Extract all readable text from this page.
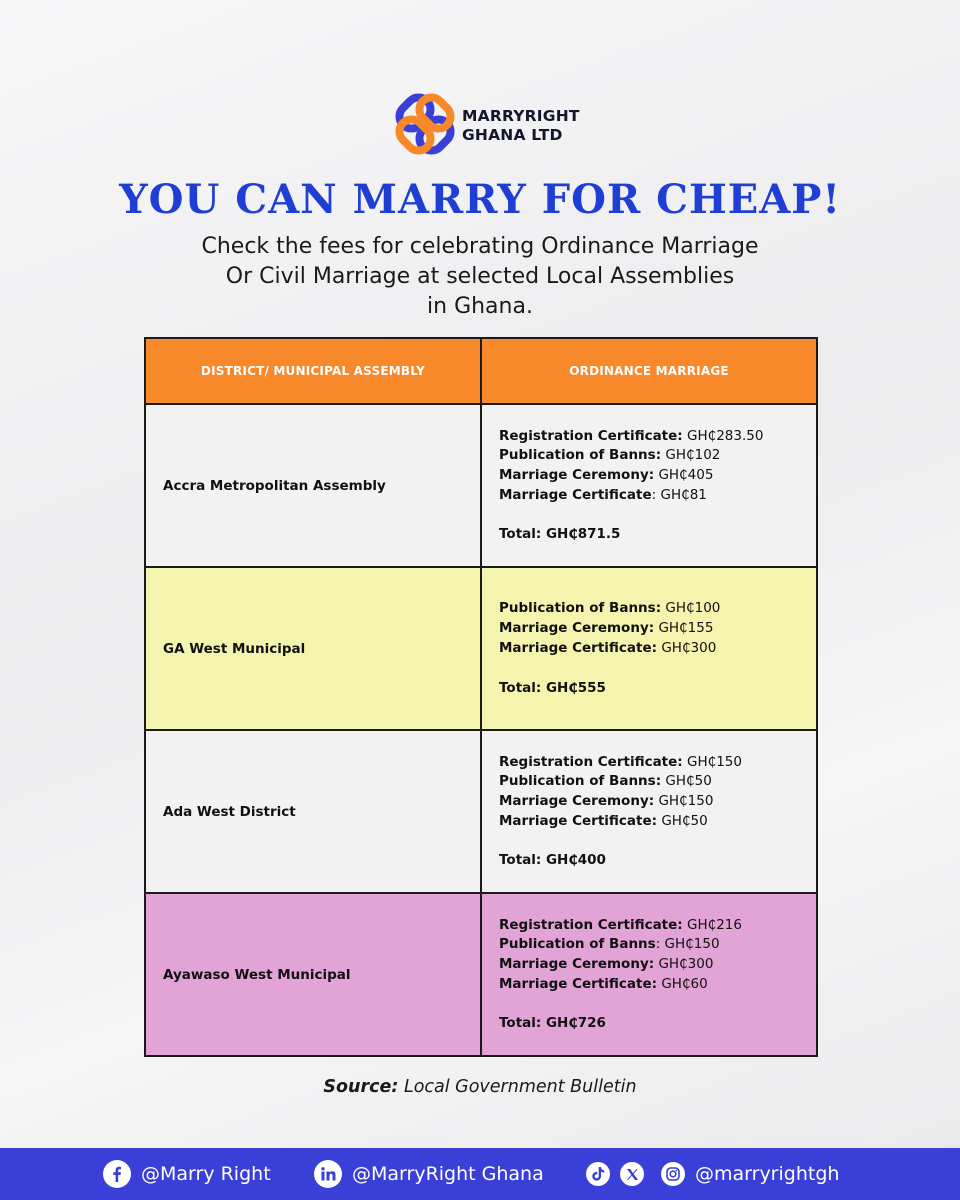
MARRYRIGHT
GHANA LTD
YOU CAN MARRY FOR CHEAP!
Check the fees for celebrating Ordinance Marriage
Or Civil Marriage at selected Local Assemblies
in Ghana.
DISTRICT/ MUNICIPAL ASSEMBLY	ORDINANCE MARRIAGE
Accra Metropolitan Assembly	Registration Certificate: GH₵283.50
Publication of Banns: GH₵102
Marriage Ceremony: GH₵405
Marriage Certificate: GH₵81
Total: GH₵871.5

GA West Municipal	Publication of Banns: GH₵100
Marriage Ceremony: GH₵155
Marriage Certificate: GH₵300
Total: GH₵555

Ada West District	Registration Certificate: GH₵150
Publication of Banns: GH₵50
Marriage Ceremony: GH₵150
Marriage Certificate: GH₵50
Total: GH₵400

Ayawaso West Municipal	Registration Certificate: GH₵216
Publication of Banns: GH₵150
Marriage Ceremony: GH₵300
Marriage Certificate: GH₵60
Total: GH₵726
Source: Local Government Bulletin
@Marry Right	@MarryRight Ghana	@marryrightgh
